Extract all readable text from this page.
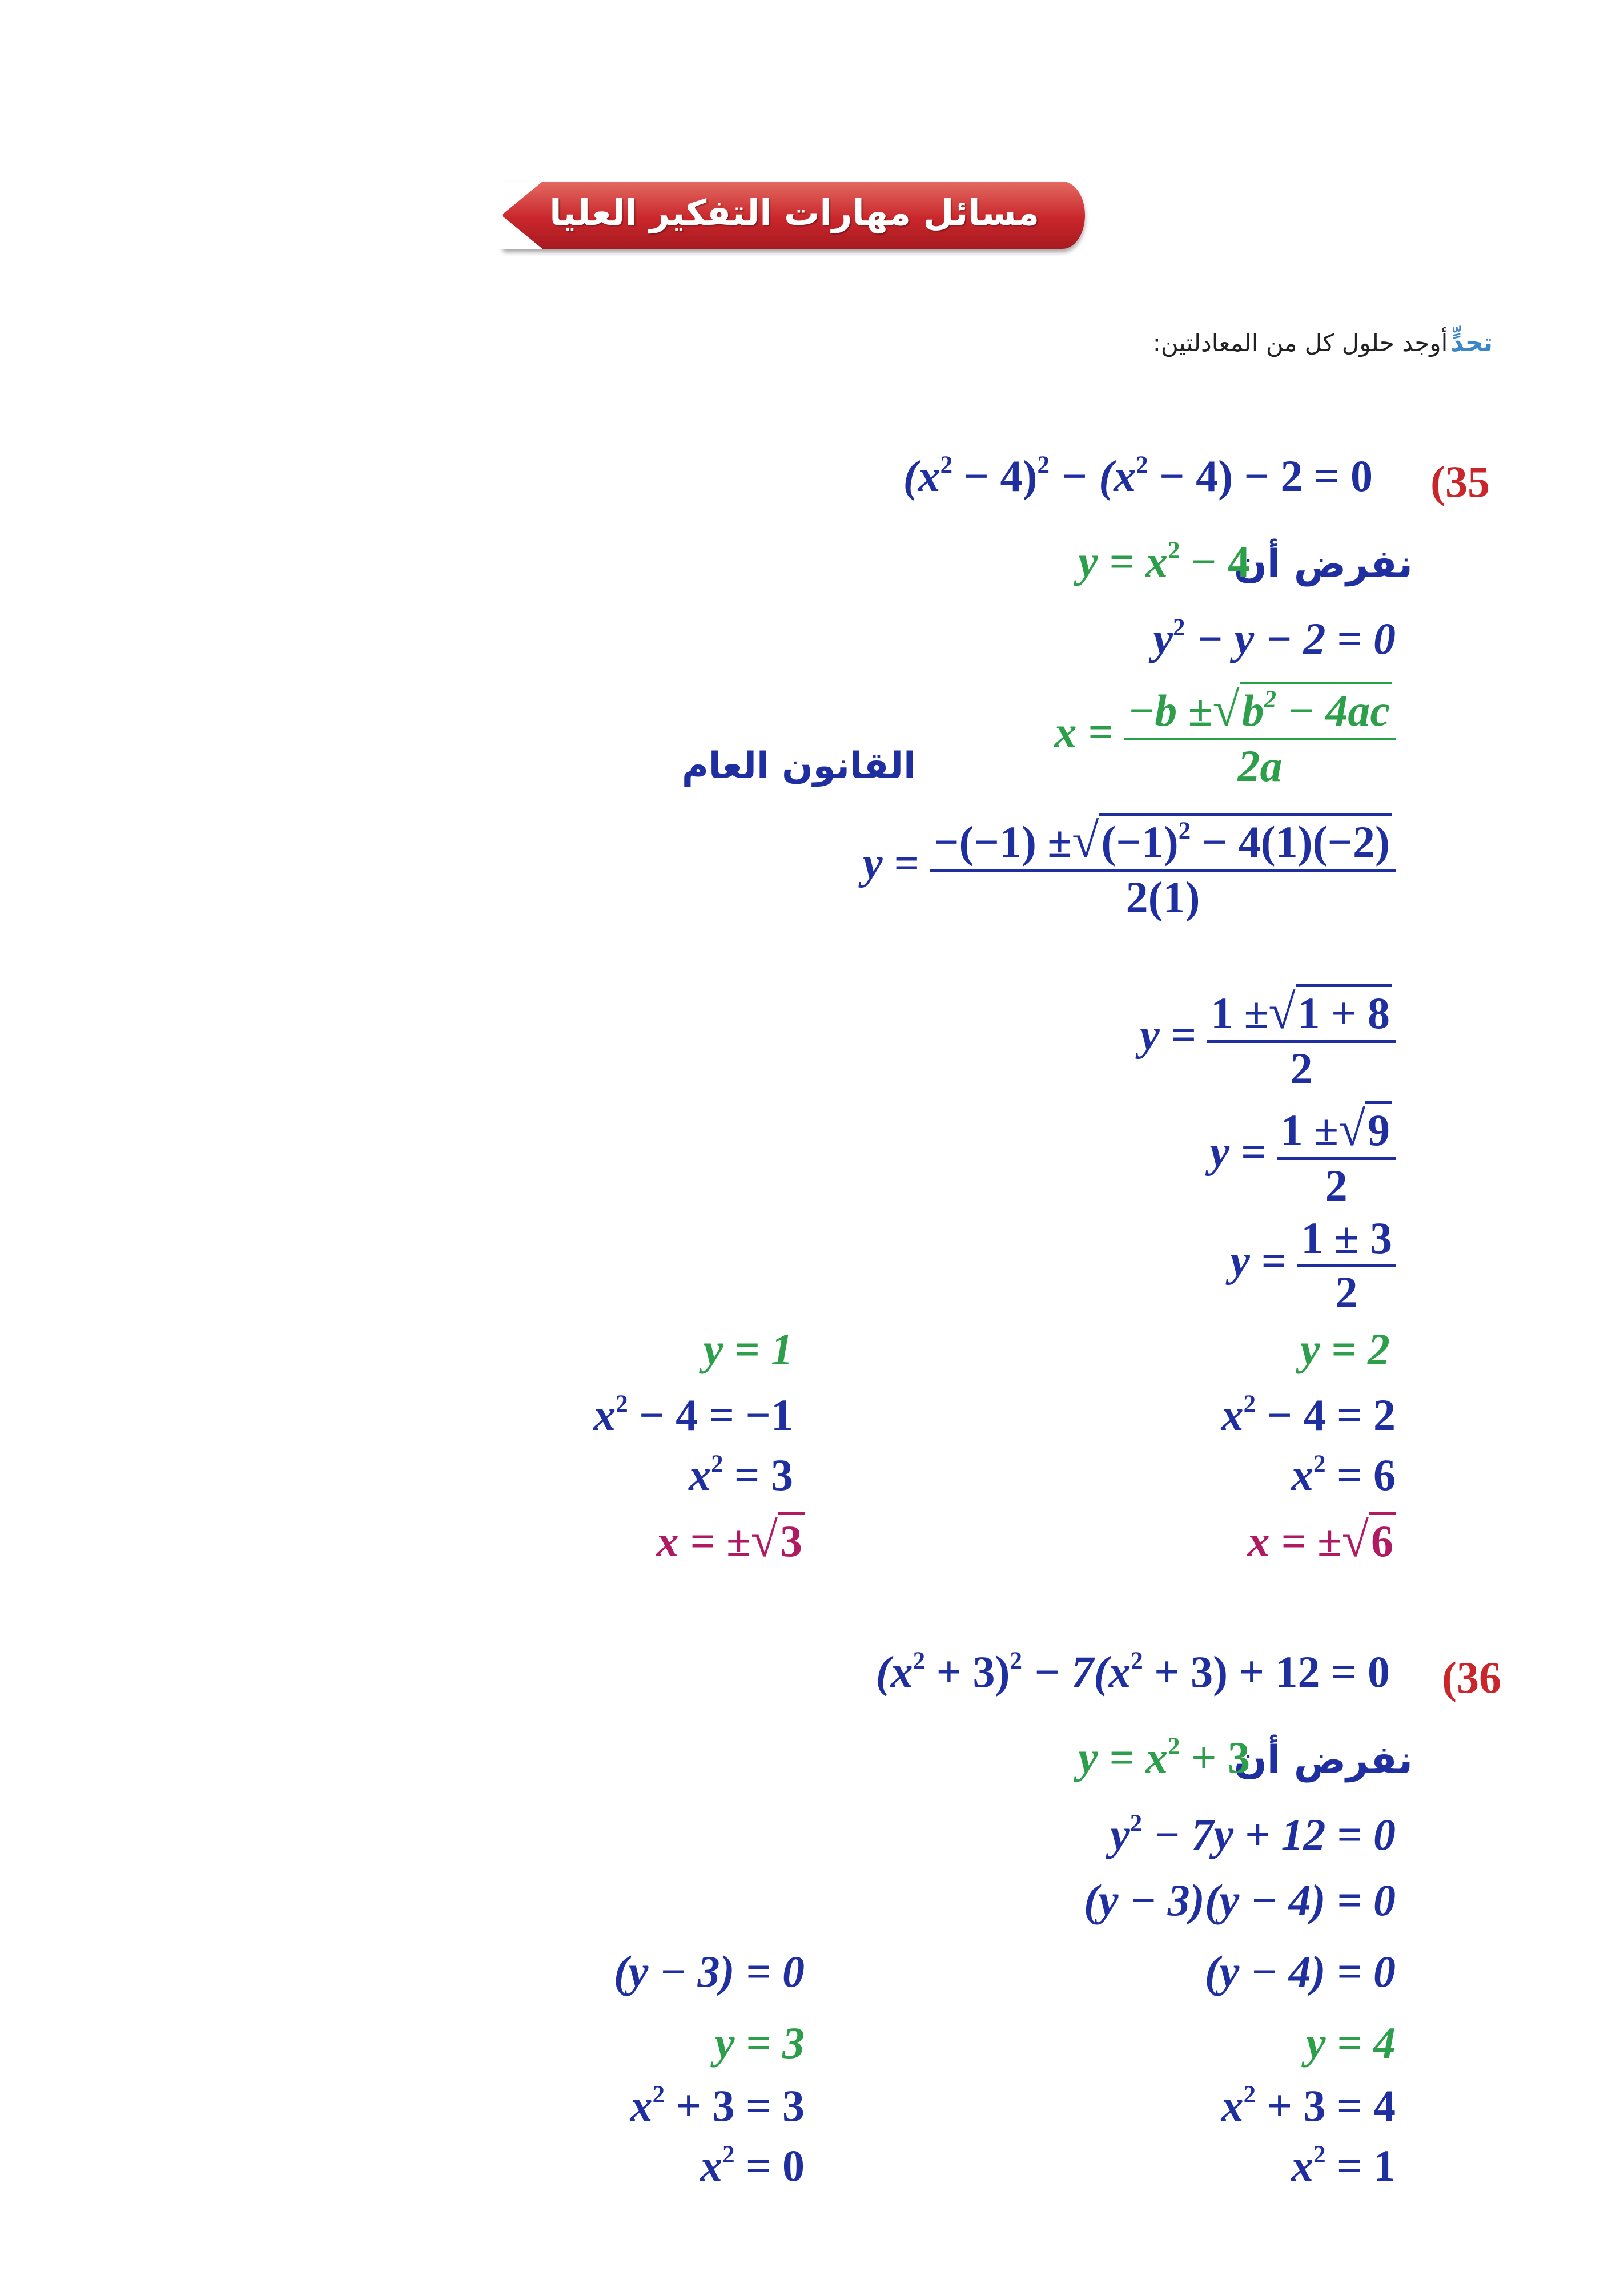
مسائل مهارات التفكير العليا
تحدٍّ أوجد حلول كل من المعادلتين:
(35
$(x^2 - 4)^2 - (x^2 - 4) - 2 = 0$
نفرض أن
$y = x^2 - 4$
$y^2 - y - 2 = 0$
القانون العام
$x = \frac{-b \pm√b^2 - 4ac}{2a}$
$y = \frac{-(-1) \pm√(-1)^2 - 4(1)(-2)}{2(1)}$
$y = \frac{1 \pm√1 + 8}{2}$
$y = \frac{1 \pm√9}{2}$
$y = \frac{1 \pm 3}{2}$
y = 2
$x^2 - 4 = 2$
$x^2 = 6$
x = ±√6
y = 1
$x^2 - 4 = -1$
$x^2 = 3$
x = ±√3
(36
$(x^2 + 3)^2 - 7(x^2 + 3) + 12 = 0$
نفرض أن
$y = x^2 + 3$
$y^2 - 7y + 12 = 0$
(y − 3)(y − 4) = 0
(y − 4) = 0
y = 4
$x^2 + 3 = 4$
$x^2 = 1$
(y − 3) = 0
y = 3
$x^2 + 3 = 3$
$x^2 = 0$
